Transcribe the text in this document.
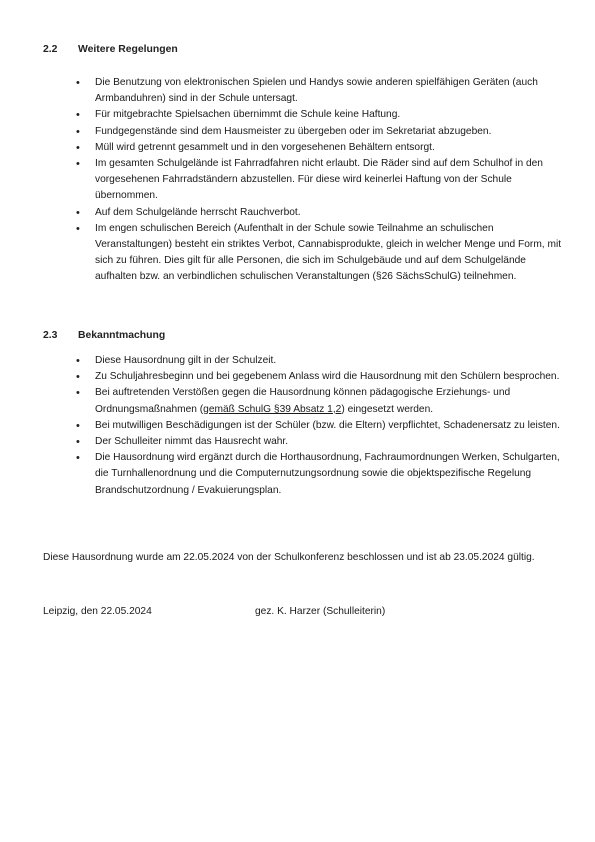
2.2 Weitere Regelungen
• Die Benutzung von elektronischen Spielen und Handys sowie anderen spielfähigen Geräten (auch Armbanduhren) sind in der Schule untersagt.
• Für mitgebrachte Spielsachen übernimmt die Schule keine Haftung.
• Fundgegenstände sind dem Hausmeister zu übergeben oder im Sekretariat abzugeben.
• Müll wird getrennt gesammelt und in den vorgesehenen Behältern entsorgt.
• Im gesamten Schulgelände ist Fahrradfahren nicht erlaubt. Die Räder sind auf dem Schulhof in den vorgesehenen Fahrradständern abzustellen. Für diese wird keinerlei Haftung von der Schule übernommen.
• Auf dem Schulgelände herrscht Rauchverbot.
• Im engen schulischen Bereich (Aufenthalt in der Schule sowie Teilnahme an schulischen Veranstaltungen) besteht ein striktes Verbot, Cannabisprodukte, gleich in welcher Menge und Form, mit sich zu führen. Dies gilt für alle Personen, die sich im Schulgebäude und auf dem Schulgelände aufhalten bzw. an verbindlichen schulischen Veranstaltungen (§26 SächsSchulG) teilnehmen.
2.3 Bekanntmachung
• Diese Hausordnung gilt in der Schulzeit.
• Zu Schuljahresbeginn und bei gegebenem Anlass wird die Hausordnung mit den Schülern besprochen.
• Bei auftretenden Verstößen gegen die Hausordnung können pädagogische Erziehungs- und Ordnungsmaßnahmen (gemäß SchulG §39 Absatz 1,2) eingesetzt werden.
• Bei mutwilligen Beschädigungen ist der Schüler (bzw. die Eltern) verpflichtet, Schadenersatz zu leisten.
• Der Schulleiter nimmt das Hausrecht wahr.
• Die Hausordnung wird ergänzt durch die Horthausordnung, Fachraumordnungen Werken, Schulgarten, die Turnhallenordnung und die Computernutzungsordnung sowie die objektspezifische Regelung Brandschutzordnung / Evakuierungsplan.

Diese Hausordnung wurde am 22.05.2024 von der Schulkonferenz beschlossen und ist ab 23.05.2024 gültig.

Leipzig, den 22.05.2024	gez. K. Harzer (Schulleiterin)
